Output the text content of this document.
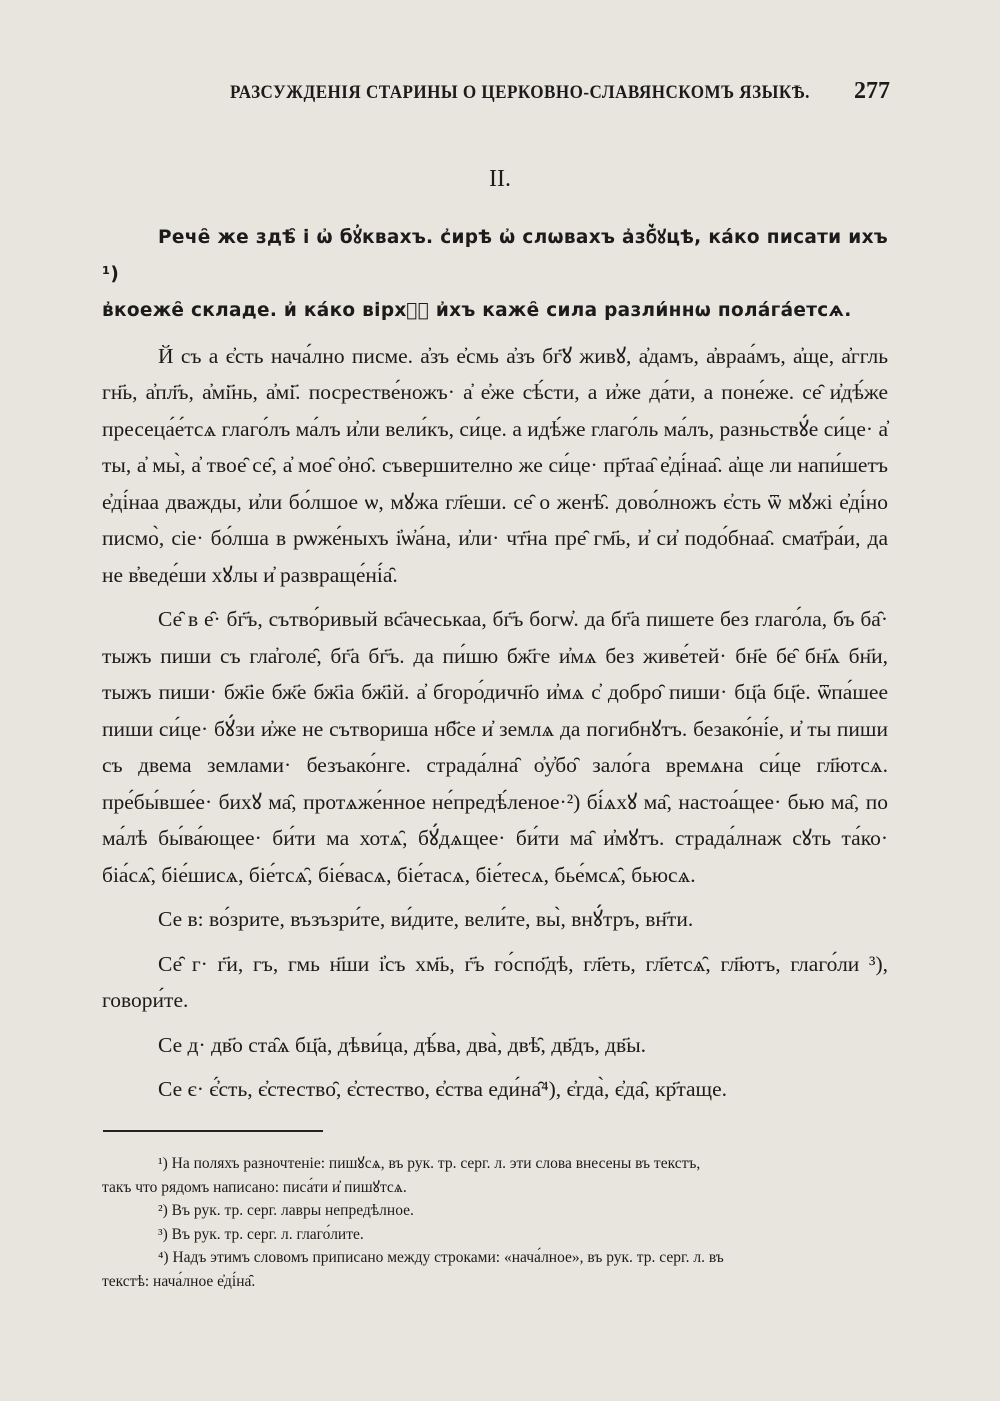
РАЗСУЖДЕНІЯ СТАРИНЫ О ЦЕРКОВНО-СЛАВЯНСКОМЪ ЯЗЫКѢ. 277
II.

Рече̑ же здѣ̑ і ѡ҆ бꙋ҆квахъ. с҆ирѣ ѡ҆ слѡвахъ а҆зб꙽ꙋцѣ, ка́ко писати ихъ ¹)

в҆коеже̑ складе. и҆ ка́ко вірх꙽ꙋ и҆хъ каже̑ сила разли́ннѡ пола́га́етсѧ.

Й съ а є҆сть нача́лно писме. а҆зъ е҆смь а҆зъ бг҃ꙋ живꙋ, а҆дамъ, а҆враа́мъ, а҆ще, а҆ггль гн҃ь, а҆пл҃ъ, а҆мі҃нь, а҆мі҃. посрестве́ножъ· а҆ е҆же сѣ́сти, а и҆же да́ти, а поне́же. се̑ и҆дѣ́же пресеца́е́тсѧ глаго́лъ ма́лъ и҆ли вели́къ, си́це. а идѣ́же глаго́ль ма́лъ, разньствꙋ́е си́це· а҆ ты, а҆ мы̀, а҆ твое̑ се̑, а҆ мое̑ о҆но̑. съвершително же си́це· пр҃таа̑ е҆ді́наа̑. а҆ще ли напи́шетъ е҆ді́наа дважды, и҆ли бо́лшое ѡ, мꙋжа гл҃еши. се̑ о женѣ̑. дово́лножъ є҆сть ѿ мꙋжі е҆ді́но писмо̀, сіе· бо́лша в рѡже́ныхъ і҆ѡ҆а́на, и҆ли· чт҃на пре̑ гм҃ь, и҆ си҆ подо́бнаа̑. смат҃ра́и, да не в҆веде́ши хꙋлы и҆ развраще́ні́а̑.

Се̑ в е̑· бг҃ъ, сътво́ривый вс҃ачеськаа, бг҃ъ богѡ҆. да бг҃а пишете без глаго́ла, бъ ба̑· тыжъ пиши съ гла҆голе̑, бг҃а бг҃ъ. да пи́шю бж҃ге и҆мѧ без живе́тей· бн҃е бе̑ бн҃ѧ бн҃и, тыжъ пиши· бж҃іе бж҃е бж҃іа бж҃ій. а҆ бгоро́дичн҃о и҆мѧ с҆ добро̑ пиши· бц҃а бц҃е. ѿпа́шее пиши си́це· бꙋ́зи и҆же не сътвориша нб҃се и҆ землѧ да погибнꙋтъ. безако́ні́е, и҆ ты пиши съ двема землами· безъако́нге. страда́лна̑ о҆у҆бо̑ зало́га времѧна си́це гл҃ютсѧ. пре́бы́вше́е· бихꙋ ма̑, протѧже́нное не́предѣ́леное·²) бі́ѧхꙋ ма̑, настоа́щее· бью ма̑, по ма́лѣ бы́ва́ющее· би́ти ма хотѧ̑, бꙋ́дѧщее· би́ти ма̑ и҆мꙋтъ. страда́лнаж сꙋть та́ко· біа́сѧ̑, біе́шисѧ, біе́тсѧ̑, біе́васѧ, біе́тасѧ, біе́тесѧ, бье́мсѧ̑, бьюсѧ.

Се в: во́зрите, възъзри́те, ви́дите, вели́те, вы̀, внꙋ́тръ, вн҃ти.

Се̑ г· г҃и, гъ, гмь н҃ши і҆съ хм҃ь, г҃ъ го́спо҃дѣ, гл҃еть, гл҃етсѧ̑, гл҃ютъ, глаго́ли ³), говори́те.

Се д· дв҃о ста̑ѧ бц҃а, дѣви́ца, дѣ́ва, два̀, двѣ̑, дв҃дъ, дв҃ы.

Се є· є҆́сть, є҆стество̑, є҆стество, є҆ства еди́на̑⁴), є҆гда̀, є҆да̑, кр҃таще.

¹) На поляхъ разночтеніе: пишꙋсѧ, въ рук. тр. серг. л. эти слова внесены въ текстъ,

такъ что рядомъ написано: писа́ти и҆ пишꙋтсѧ.

²) Въ рук. тр. серг. лавры непредѣлное.

³) Въ рук. тр. серг. л. глаго́лите.

⁴) Надъ этимъ словомъ приписано между строками: «нача́лное», въ рук. тр. серг. л. въ

текстѣ: нача́лное е҆ді́на̑.
